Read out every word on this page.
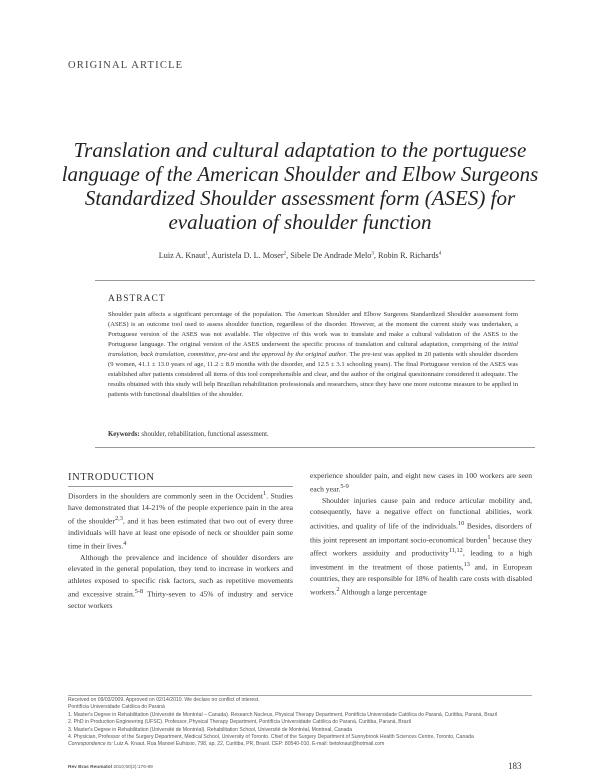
ORIGINAL ARTICLE
Translation and cultural adaptation to the portuguese language of the American Shoulder and Elbow Surgeons Standardized Shoulder assessment form (ASES) for evaluation of shoulder function
Luiz A. Knaut$^1$, Auristela D. L. Moser$^2$, Sibele De Andrade Melo$^3$, Robin R. Richards$^4$
ABSTRACT
Shoulder pain affects a significant percentage of the population. The American Shoulder and Elbow Surgeons Standardized Shoulder assessment form (ASES) is an outcome tool used to assess shoulder function, regardless of the disorder. However, at the moment the current study was undertaken, a Portuguese version of the ASES was not available. The objective of this work was to translate and make a cultural validation of the ASES to the Portuguese language. The original version of the ASES underwent the specific process of translation and cultural adaptation, comprising of the initial translation, back translation, committee, pre-test and the approval by the original author. The pre-test was applied in 20 patients with shoulder disorders (9 women, 41.1 ± 13.0 years of age, 11.2 ± 8.9 months with the disorder, and 12.5 ± 3.1 schooling years). The final Portuguese version of the ASES was established after patients considered all items of this tool comprehensible and clear, and the author of the original questionnaire considered it adequate. The results obtained with this study will help Brazilian rehabilitation professionals and researchers, since they have one more outcome measure to be applied in patients with functional disabilities of the shoulder.
Keywords: shoulder, rehabilitation, functional assessment.
INTRODUCTION

Disorders in the shoulders are commonly seen in the Occident$^1$. Studies have demonstrated that 14-21% of the people experience pain in the area of the shoulder$^{2,3}$, and it has been estimated that two out of every three individuals will have at least one episode of neck or shoulder pain some time in their lives.$^4$

Although the prevalence and incidence of shoulder disorders are elevated in the general population, they tend to increase in workers and athletes exposed to specific risk factors, such as repetitive movements and excessive strain.$^{5-8}$ Thirty-seven to 45% of industry and service sector workers

experience shoulder pain, and eight new cases in 100 workers are seen each year.$^{5-9}$

Shoulder injuries cause pain and reduce articular mobility and, consequently, have a negative effect on functional abilities, work activities, and quality of life of the individuals.$^{10}$ Besides, disorders of this joint represent an important socio-economical burden$^1$ because they affect workers assiduity and productivity$^{11,12}$, leading to a high investment in the treatment of those patients,$^{13}$ and, in European countries, they are responsible for 18% of health care costs with disabled workers.$^2$ Although a large percentage

Received on 09/03/2009. Approved on 02/14/2010. We declare no conflict of interest.

Pontifícia Universidade Católica do Paraná

1. Master's Degree in Rehabilitation (Université de Montréal – Canada). Research Nucleus, Physical Therapy Department, Pontifícia Universidade Católica do Paraná, Curitiba, Paraná, Brazil

2. PhD in Production Engineering (UFSC). Professor, Physical Therapy Department, Pontifícia Universidade Católica do Paraná, Curitiba, Paraná, Brazil

3. Master's Degree in Rehabilitation (Université de Montréal). Rehabilitation School, Université de Montréal, Montreal, Canada

4. Physician, Professor of the Surgery Department, Medical School, University of Toronto. Chief of the Surgery Department of Sunnybrook Health Sciences Centre, Toronto, Canada

Correspondence to: Luiz A. Knaut. Rua Manoel Eufrásio, 798, ap. 22, Curitiba, PR, Brasil. CEP: 80540-010. E-mail: betoknaut@hotmail.com

Rev Bras Reumatol 2010;50(2):176-89	183
